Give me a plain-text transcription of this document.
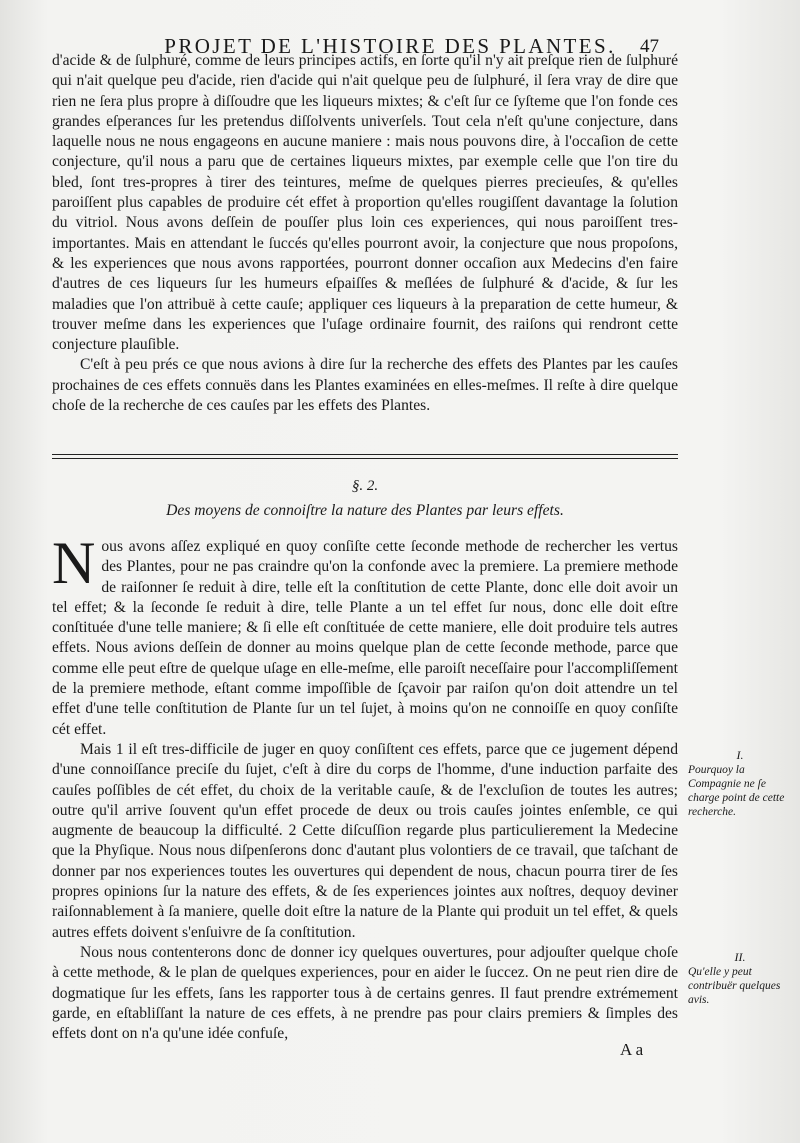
PROJET DE L'HISTOIRE DES PLANTES.	47

d'acide & de ſulphuré, comme de leurs principes actifs, en ſorte qu'il n'y ait preſque rien de ſulphuré qui n'ait quelque peu d'acide, rien d'acide qui n'ait quelque peu de ſulphuré, il ſera vray de dire que rien ne ſera plus propre à diſſoudre que les liqueurs mixtes; & c'eſt ſur ce ſyſteme que l'on fonde ces grandes eſperances ſur les pretendus diſſolvents univerſels. Tout cela n'eſt qu'une conjecture, dans laquelle nous ne nous engageons en aucune maniere : mais nous pouvons dire, à l'occaſion de cette conjecture, qu'il nous a paru que de certaines liqueurs mixtes, par exemple celle que l'on tire du bled, ſont tres-propres à tirer des teintures, meſme de quelques pierres precieuſes, & qu'elles paroiſſent plus capables de produire cét effet à proportion qu'elles rougiſſent davantage la ſolution du vitriol. Nous avons deſſein de pouſſer plus loin ces experiences, qui nous paroiſſent tres-importantes. Mais en attendant le ſuccés qu'elles pourront avoir, la conjecture que nous propoſons, & les experiences que nous avons rapportées, pourront donner occaſion aux Medecins d'en faire d'autres de ces liqueurs ſur les humeurs eſpaiſſes & meſlées de ſulphuré & d'acide, & ſur les maladies que l'on attribuë à cette cauſe; appliquer ces liqueurs à la preparation de cette humeur, & trouver meſme dans les experiences que l'uſage ordinaire fournit, des raiſons qui rendront cette conjecture plauſible.

C'eſt à peu prés ce que nous avions à dire ſur la recherche des effets des Plantes par les cauſes prochaines de ces effets connuës dans les Plantes examinées en elles-meſmes. Il reſte à dire quelque choſe de la recherche de ces cauſes par les effets des Plantes.

§. 2.
Des moyens de connoiſtre la nature des Plantes par leurs effets.

Nous avons aſſez expliqué en quoy conſiſte cette ſeconde methode de rechercher les vertus des Plantes, pour ne pas craindre qu'on la confonde avec la premiere. La premiere methode de raiſonner ſe reduit à dire, telle eſt la conſtitution de cette Plante, donc elle doit avoir un tel effet; & la ſeconde ſe reduit à dire, telle Plante a un tel effet ſur nous, donc elle doit eſtre conſtituée d'une telle maniere; & ſi elle eſt conſtituée de cette maniere, elle doit produire tels autres effets. Nous avions deſſein de donner au moins quelque plan de cette ſeconde methode, parce que comme elle peut eſtre de quelque uſage en elle-meſme, elle paroiſt neceſſaire pour l'accompliſſement de la premiere methode, eſtant comme impoſſible de ſçavoir par raiſon qu'on doit attendre un tel effet d'une telle conſtitution de Plante ſur un tel ſujet, à moins qu'on ne connoiſſe en quoy conſiſte cét effet.

Mais 1 il eſt tres-difficile de juger en quoy conſiſtent ces effets, parce que ce jugement dépend d'une connoiſſance preciſe du ſujet, c'eſt à dire du corps de l'homme, d'une induction parfaite des cauſes poſſibles de cét effet, du choix de la veritable cauſe, & de l'excluſion de toutes les autres; outre qu'il arrive ſouvent qu'un effet procede de deux ou trois cauſes jointes enſemble, ce qui augmente de beaucoup la difficulté. 2 Cette diſcuſſion regarde plus particulierement la Medecine que la Phyſique. Nous nous diſpenſerons donc d'autant plus volontiers de ce travail, que taſchant de donner par nos experiences toutes les ouvertures qui dependent de nous, chacun pourra tirer de ſes propres opinions ſur la nature des effets, & de ſes experiences jointes aux noſtres, dequoy deviner raiſonnablement à ſa maniere, quelle doit eſtre la nature de la Plante qui produit un tel effet, & quels autres effets doivent s'enſuivre de ſa conſtitution.

Nous nous contenterons donc de donner icy quelques ouvertures, pour adjouſter quelque choſe à cette methode, & le plan de quelques experiences, pour en aider le ſuccez. On ne peut rien dire de dogmatique ſur les effets, ſans les rapporter tous à de certains genres. Il faut prendre extrémement garde, en eſtabliſſant la nature de ces effets, à ne prendre pas pour clairs premiers & ſimples des effets dont on n'a qu'une idée confuſe,

I.
Pourquoy la Compagnie ne ſe charge point de cette recherche.
II.
Qu'elle y peut contribuër quelques avis.
A a
